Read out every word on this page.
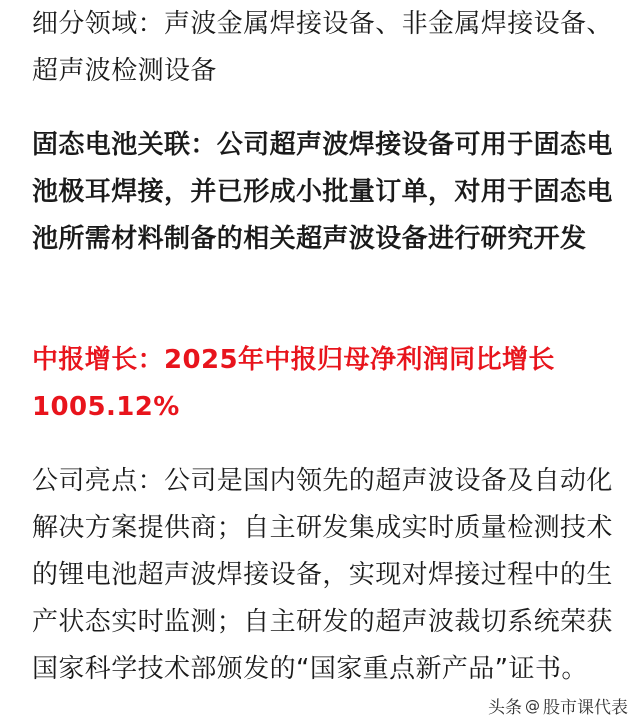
细分领域：声波金属焊接设备、非金属焊接设备、超声波检测设备

固态电池关联：公司超声波焊接设备可用于固态电池极耳焊接，并已形成小批量订单，对用于固态电池所需材料制备的相关超声波设备进行研究开发

中报增长：2025年中报归母净利润同比增长1005.12%

公司亮点：公司是国内领先的超声波设备及自动化解决方案提供商；自主研发集成实时质量检测技术的锂电池超声波焊接设备，实现对焊接过程中的生产状态实时监测；自主研发的超声波裁切系统荣获国家科学技术部颁发的“国家重点新产品”证书。

头条 @ 股市课代表
